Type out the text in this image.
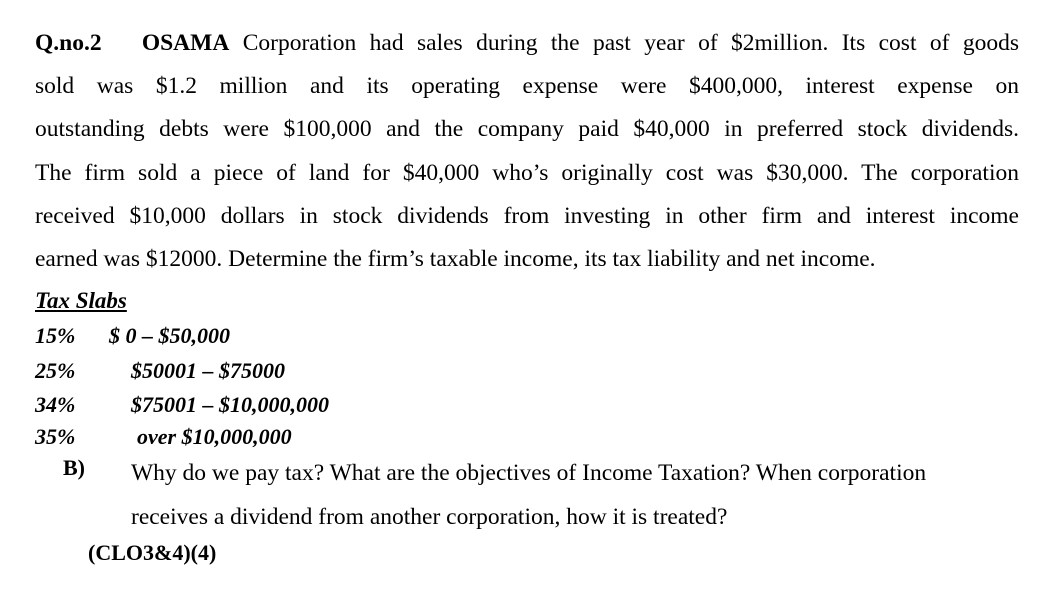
Q.no.2 OSAMA Corporation had sales during the past year of $2million. Its cost of goods
sold was $1.2 million and its operating expense were $400,000, interest expense on
outstanding debts were $100,000 and the company paid $40,000 in preferred stock dividends.
The firm sold a piece of land for $40,000 who’s originally cost was $30,000. The corporation
received $10,000 dollars in stock dividends from investing in other firm and interest income
earned was $12000. Determine the firm’s taxable income, its tax liability and net income.
Tax Slabs
15% $ 0 – $50,000
25%	$50001 – $75000
34%	$75001 – $10,000,000
35%	over $10,000,000
B) Why do we pay tax? What are the objectives of Income Taxation? When corporation
receives a dividend from another corporation, how it is treated?
(CLO3&4)(4)
